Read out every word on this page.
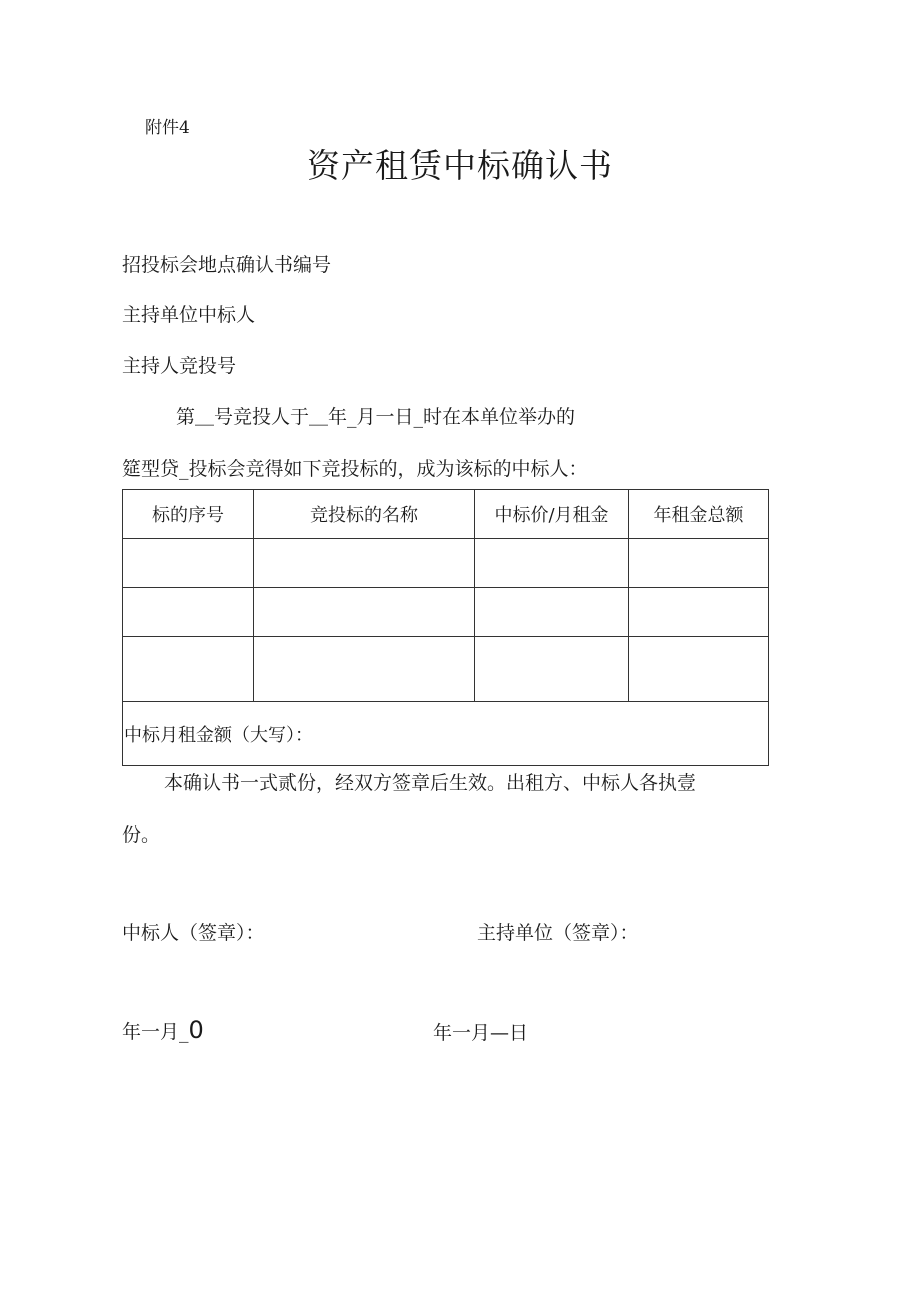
附件4
资产租赁中标确认书
招投标会地点确认书编号
主持单位中标人
主持人竞投号
第＿号竞投人于＿年_月一日_时在本单位举办的
筵型贷_投标会竞得如下竞投标的，成为该标的中标人：
标的序号	竞投标的名称	中标价/月租金	年租金总额

中标月租金额（大写）：			
本确认书一式贰份，经双方签章后生效。出租方、中标人各执壹
份。
中标人（签章）：	主持单位（签章）：
年一月_0	年一月—日
